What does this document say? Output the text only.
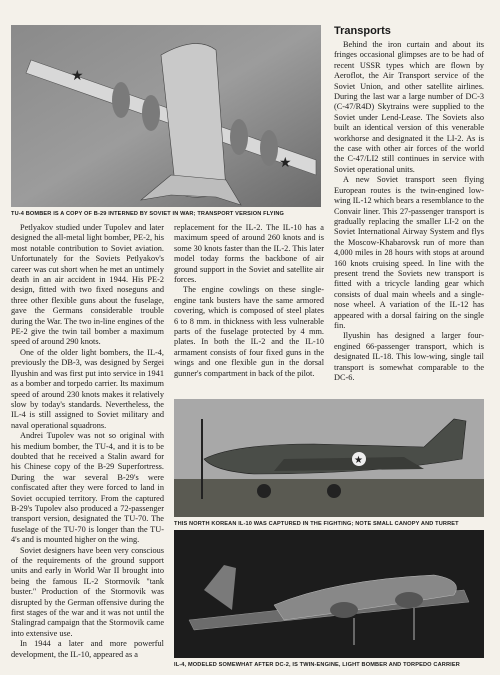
★
★
TU-4 BOMBER IS A COPY OF B-29 INTERNED BY SOVIET IN WAR; TRANSPORT VERSION FLYING
★
THIS NORTH KOREAN IL-10 WAS CAPTURED IN THE FIGHTING; NOTE SMALL CANOPY AND TURRET
IL-4, MODELED SOMEWHAT AFTER DC-2, IS TWIN-ENGINE, LIGHT BOMBER AND TORPEDO CARRIER
Transports

Behind the iron curtain and about its fringes occasional glimpses are to be had of recent USSR types which are flown by Aeroflot, the Air Transport service of the Soviet Union, and other satellite airlines. During the last war a large number of DC-3 (C-47/R4D) Skytrains were supplied to the Soviet under Lend-Lease. The Soviets also built an identical version of this venerable workhorse and designated it the LI-2. As is the case with other air forces of the world the C-47/LI2 still continues in service with Soviet operational units.

A new Soviet transport seen flying European routes is the twin-engined low-wing IL-12 which bears a resemblance to the Convair liner. This 27-passenger transport is gradually replacing the smaller LI-2 on the Soviet International Airway System and flys the Moscow-Khabarovsk run of more than 4,000 miles in 28 hours with stops at around 160 knots cruising speed. In line with the present trend the Soviets new transport is fitted with a tricycle landing gear which consists of dual main wheels and a single-nose wheel. A variation of the IL-12 has appeared with a dorsal fairing on the single fin.

Ilyushin has designed a larger four-engined 66-passenger transport, which is designated IL-18. This low-wing, single tail transport is somewhat comparable to the DC-6.

Petlyakov studied under Tupolev and later designed the all-metal light bomber, PE-2, his most notable contribution to Soviet aviation. Unfortunately for the Soviets Petlyakov's career was cut short when he met an untimely death in an air accident in 1944. His PE-2 design, fitted with two fixed noseguns and three other flexible guns about the fuselage, gave the Germans considerable trouble during the War. The two in-line engines of the PE-2 give the twin tail bomber a maximum speed of around 290 knots.

One of the older light bombers, the IL-4, previously the DB-3, was designed by Sergei Ilyushin and was first put into service in 1941 as a bomber and torpedo carrier. Its maximum speed of around 230 knots makes it relatively slow by today's standards. Nevertheless, the IL-4 is still assigned to Soviet military and naval operational squadrons.

Andrei Tupolev was not so original with his medium bomber, the TU-4, and it is to be doubted that he received a Stalin award for his Chinese copy of the B-29 Superfortress. During the war several B-29's were confiscated after they were forced to land in Soviet occupied territory. From the captured B-29's Tupolev also produced a 72-passenger transport version, designated the TU-70. The fuselage of the TU-70 is longer than the TU-4's and is mounted higher on the wing.

Soviet designers have been very conscious of the requirements of the ground support units and early in World War II brought into being the famous IL-2 Stormovik "tank buster." Production of the Stormovik was disrupted by the German offensive during the first stages of the war and it was not until the Stalingrad campaign that the Stormovik came into extensive use.

In 1944 a later and more powerful development, the IL-10, appeared as a

replacement for the IL-2. The IL-10 has a maximum speed of around 260 knots and is some 30 knots faster than the IL-2. This later model today forms the backbone of air ground support in the Soviet and satellite air forces.

The engine cowlings on these single-engine tank busters have the same armored covering, which is composed of steel plates 6 to 8 mm. in thickness with less vulnerable parts of the fuselage protected by 4 mm. plates. In both the IL-2 and the IL-10 armament consists of four fixed guns in the wings and one flexible gun in the dorsal gunner's compartment in back of the pilot.
